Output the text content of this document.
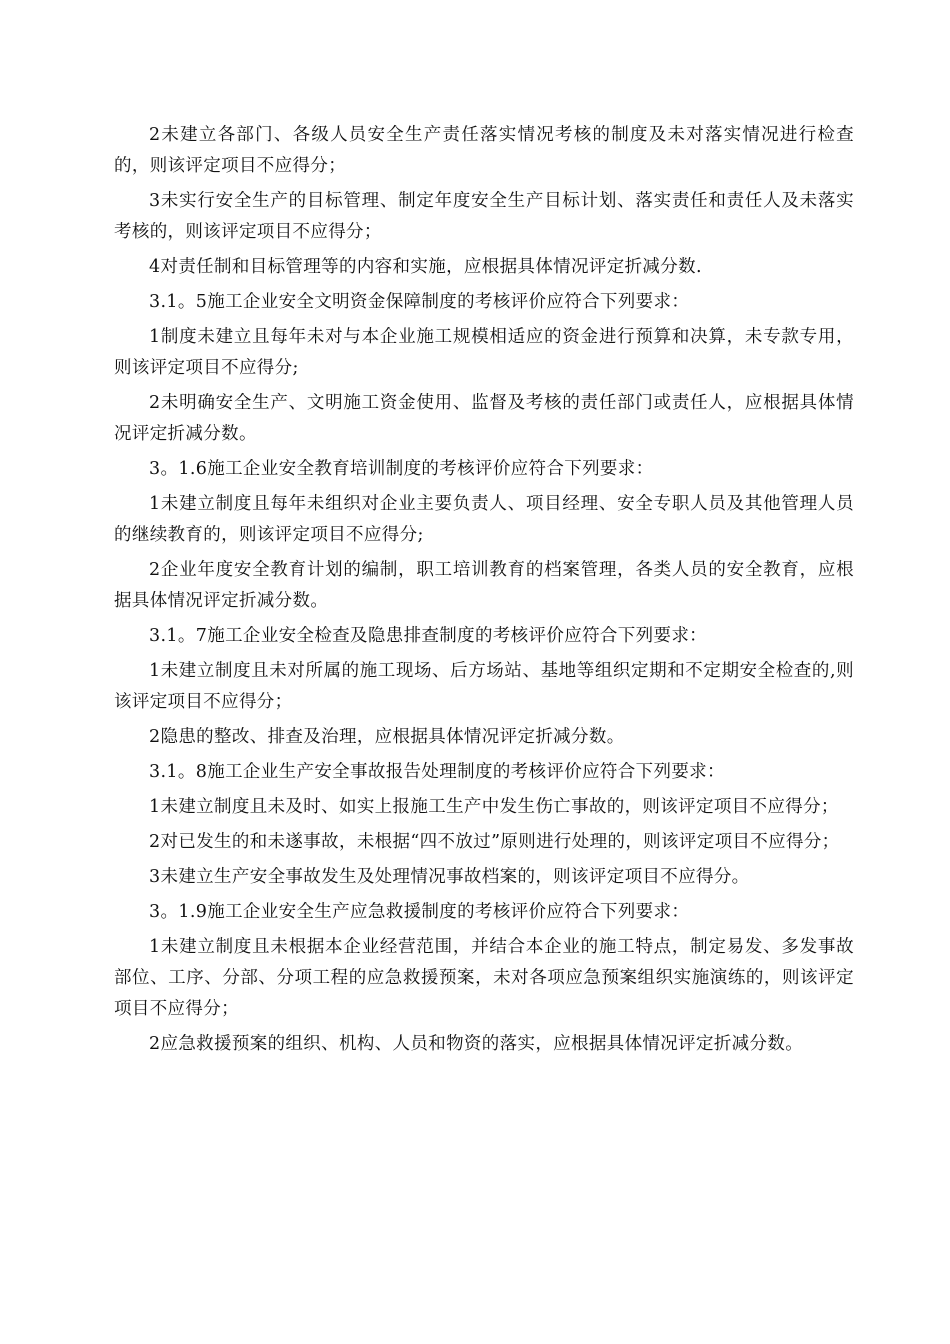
2未建立各部门、各级人员安全生产责任落实情况考核的制度及未对落实情况进行检查的，则该评定项目不应得分；

3未实行安全生产的目标管理、制定年度安全生产目标计划、落实责任和责任人及未落实考核的，则该评定项目不应得分；

4对责任制和目标管理等的内容和实施，应根据具体情况评定折减分数.

3.1。5施工企业安全文明资金保障制度的考核评价应符合下列要求：

1制度未建立且每年未对与本企业施工规模相适应的资金进行预算和决算，未专款专用，则该评定项目不应得分;

2未明确安全生产、文明施工资金使用、监督及考核的责任部门或责任人，应根据具体情况评定折减分数。

3。1.6施工企业安全教育培训制度的考核评价应符合下列要求：

1未建立制度且每年未组织对企业主要负责人、项目经理、安全专职人员及其他管理人员的继续教育的，则该评定项目不应得分;

2企业年度安全教育计划的编制，职工培训教育的档案管理，各类人员的安全教育，应根据具体情况评定折减分数。

3.1。7施工企业安全检查及隐患排查制度的考核评价应符合下列要求：

1未建立制度且未对所属的施工现场、后方场站、基地等组织定期和不定期安全检查的,则该评定项目不应得分；

2隐患的整改、排查及治理，应根据具体情况评定折减分数。

3.1。8施工企业生产安全事故报告处理制度的考核评价应符合下列要求：

1未建立制度且未及时、如实上报施工生产中发生伤亡事故的，则该评定项目不应得分；

2对已发生的和未遂事故，未根据“四不放过”原则进行处理的，则该评定项目不应得分；

3未建立生产安全事故发生及处理情况事故档案的，则该评定项目不应得分。

3。1.9施工企业安全生产应急救援制度的考核评价应符合下列要求：

1未建立制度且未根据本企业经营范围，并结合本企业的施工特点，制定易发、多发事故部位、工序、分部、分项工程的应急救援预案，未对各项应急预案组织实施演练的，则该评定项目不应得分；

2应急救援预案的组织、机构、人员和物资的落实，应根据具体情况评定折减分数。
